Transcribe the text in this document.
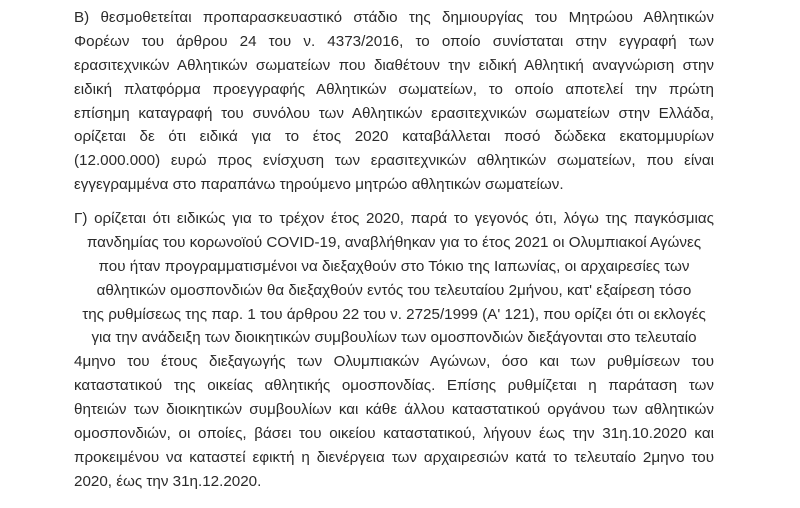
Β) θεσμοθετείται προπαρασκευαστικό στάδιο της δημιουργίας του Μητρώου Αθλητικών
Φορέων του άρθρου 24 του ν. 4373/2016, το οποίο συνίσταται στην εγγραφή των
ερασιτεχνικών Αθλητικών σωματείων που διαθέτουν την ειδική Αθλητική αναγνώριση στην
ειδική πλατφόρμα προεγγραφής Αθλητικών σωματείων, το οποίο αποτελεί την πρώτη
επίσημη καταγραφή του συνόλου των Αθλητικών ερασιτεχνικών σωματείων στην Ελλάδα,
ορίζεται δε ότι ειδικά για το έτος 2020 καταβάλλεται ποσό δώδεκα εκατομμυρίων
(12.000.000) ευρώ προς ενίσχυση των ερασιτεχνικών αθλητικών σωματείων, που είναι
εγγεγραμμένα στο παραπάνω τηρούμενο μητρώο αθλητικών σωματείων.
Γ) ορίζεται ότι ειδικώς για το τρέχον έτος 2020, παρά το γεγονός ότι, λόγω της παγκόσμιας
πανδημίας του κορωνοϊού COVID-19, αναβλήθηκαν για το έτος 2021 οι Ολυμπιακοί Αγώνες
που ήταν προγραμματισμένοι να διεξαχθούν στο Τόκιο της Ιαπωνίας, οι αρχαιρεσίες των
αθλητικών ομοσπονδιών θα διεξαχθούν εντός του τελευταίου 2μήνου, κατ' εξαίρεση τόσο
της ρυθμίσεως της παρ. 1 του άρθρου 22 του ν. 2725/1999 (Α' 121), που ορίζει ότι οι εκλογές
για την ανάδειξη των διοικητικών συμβουλίων των ομοσπονδιών διεξάγονται στο τελευταίο
4μηνο του έτους διεξαγωγής των Ολυμπιακών Αγώνων, όσο και των ρυθμίσεων του
καταστατικού της οικείας αθλητικής ομοσπονδίας. Επίσης ρυθμίζεται η παράταση των
θητειών των διοικητικών συμβουλίων και κάθε άλλου καταστατικού οργάνου των αθλητικών
ομοσπονδιών, οι οποίες, βάσει του οικείου καταστατικού, λήγουν έως την 31η.10.2020 και
προκειμένου να καταστεί εφικτή η διενέργεια των αρχαιρεσιών κατά το τελευταίο 2μηνο του
2020, έως την 31η.12.2020.
